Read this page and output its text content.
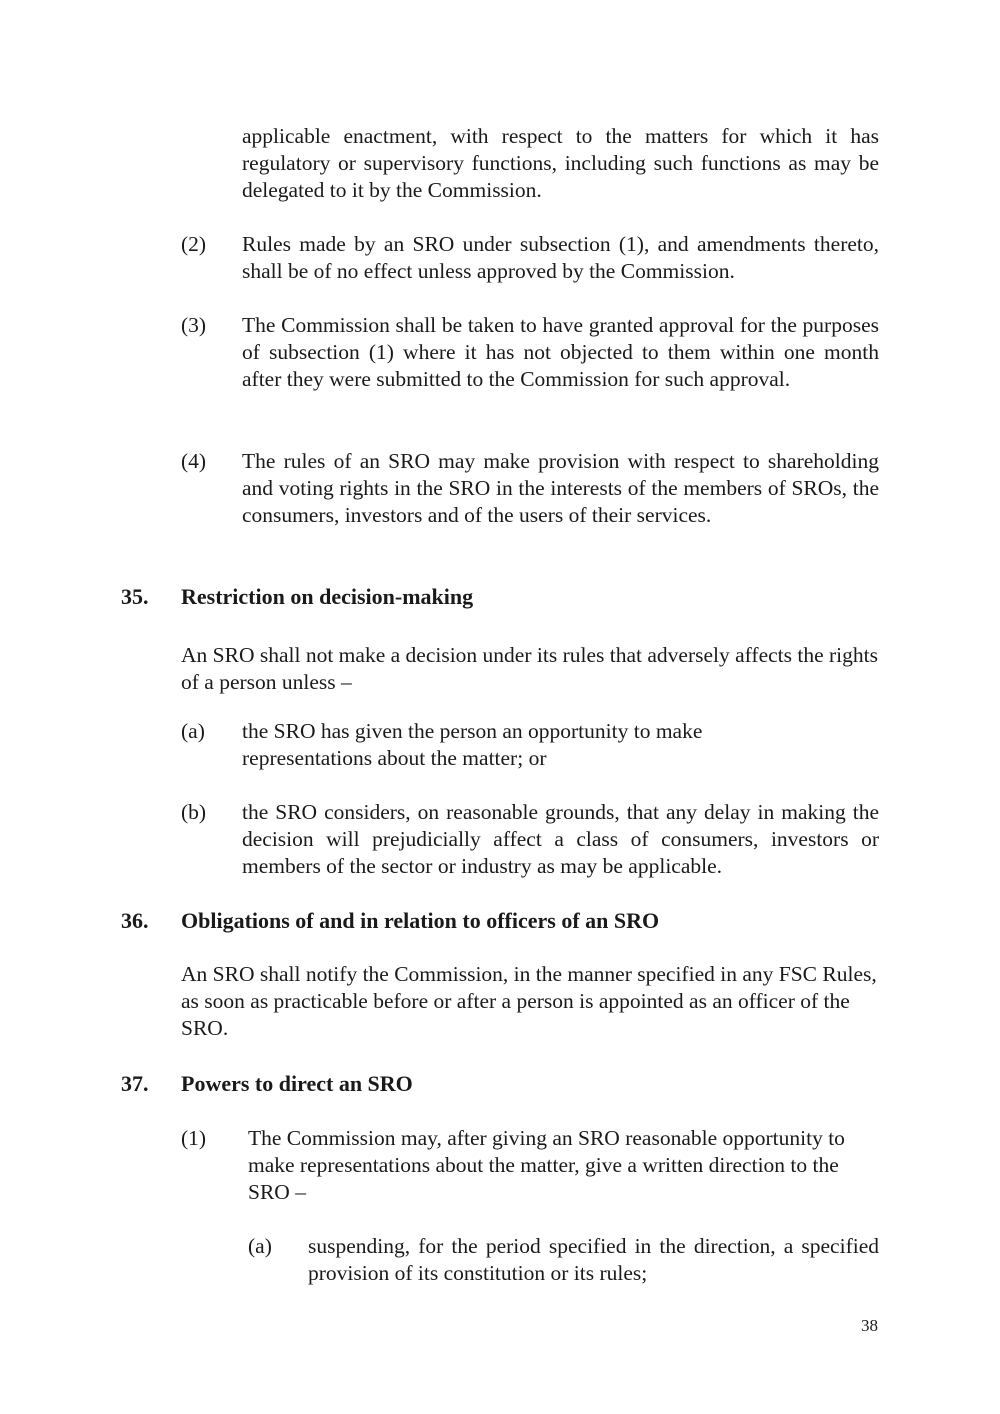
applicable enactment, with respect to the matters for which it has regulatory or supervisory functions, including such functions as may be delegated to it by the Commission.

(2) Rules made by an SRO under subsection (1), and amendments thereto, shall be of no effect unless approved by the Commission.

(3) The Commission shall be taken to have granted approval for the purposes of subsection (1) where it has not objected to them within one month after they were submitted to the Commission for such approval.

(4) The rules of an SRO may make provision with respect to shareholding and voting rights in the SRO in the interests of the members of SROs, the consumers, investors and of the users of their services.

35. Restriction on decision-making

An SRO shall not make a decision under its rules that adversely affects the rights of a person unless –

(a) the SRO has given the person an opportunity to make representations about the matter; or

(b) the SRO considers, on reasonable grounds, that any delay in making the decision will prejudicially affect a class of consumers, investors or members of the sector or industry as may be applicable.

36. Obligations of and in relation to officers of an SRO

An SRO shall notify the Commission, in the manner specified in any FSC Rules, as soon as practicable before or after a person is appointed as an officer of the SRO.

37. Powers to direct an SRO

(1) The Commission may, after giving an SRO reasonable opportunity to make representations about the matter, give a written direction to the SRO –

(a) suspending, for the period specified in the direction, a specified provision of its constitution or its rules;

38
